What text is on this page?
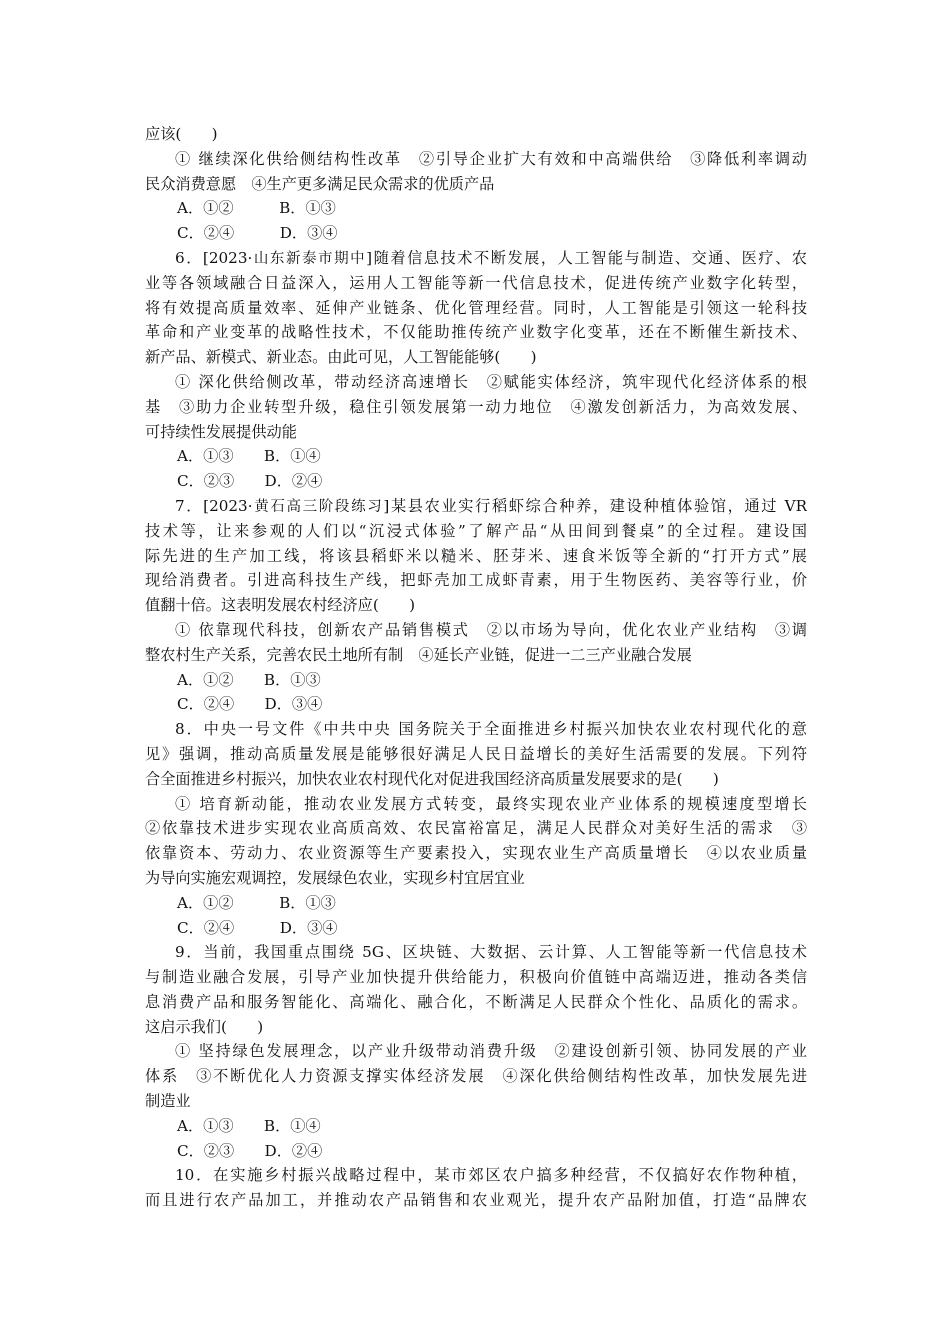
应该(　　)
① 继续深化供给侧结构性改革　②引导企业扩大有效和中高端供给　③降低利率调动
民众消费意愿　④生产更多满足民众需求的优质产品
A．①②　　　B．①③
C．②④　　　D．③④
6．[2023·山东新泰市期中]随着信息技术不断发展，人工智能与制造、交通、医疗、农
业等各领域融合日益深入，运用人工智能等新一代信息技术，促进传统产业数字化转型，
将有效提高质量效率、延伸产业链条、优化管理经营。同时，人工智能是引领这一轮科技
革命和产业变革的战略性技术，不仅能助推传统产业数字化变革，还在不断催生新技术、
新产品、新模式、新业态。由此可见，人工智能能够(　　)
① 深化供给侧改革，带动经济高速增长　②赋能实体经济，筑牢现代化经济体系的根
基　③助力企业转型升级，稳住引领发展第一动力地位　④激发创新活力，为高效发展、
可持续性发展提供动能
A．①③　　B．①④
C．②③　　D．②④
7．[2023·黄石高三阶段练习]某县农业实行稻虾综合种养，建设种植体验馆，通过 VR
技术等，让来参观的人们以“沉浸式体验”了解产品“从田间到餐桌”的全过程。建设国
际先进的生产加工线，将该县稻虾米以糙米、胚芽米、速食米饭等全新的“打开方式”展
现给消费者。引进高科技生产线，把虾壳加工成虾青素，用于生物医药、美容等行业，价
值翻十倍。这表明发展农村经济应(　　)
① 依靠现代科技，创新农产品销售模式　②以市场为导向，优化农业产业结构　③调
整农村生产关系，完善农民土地所有制　④延长产业链，促进一二三产业融合发展
A．①②　　B．①③
C．②④　　D．③④
8．中央一号文件《中共中央 国务院关于全面推进乡村振兴加快农业农村现代化的意
见》强调，推动高质量发展是能够很好满足人民日益增长的美好生活需要的发展。下列符
合全面推进乡村振兴，加快农业农村现代化对促进我国经济高质量发展要求的是(　　)
① 培育新动能，推动农业发展方式转变，最终实现农业产业体系的规模速度型增长
②依靠技术进步实现农业高质高效、农民富裕富足，满足人民群众对美好生活的需求　③
依靠资本、劳动力、农业资源等生产要素投入，实现农业生产高质量增长　④以农业质量
为导向实施宏观调控，发展绿色农业，实现乡村宜居宜业
A．①②　　　B．①③
C．②④　　　D．③④
9．当前，我国重点围绕 5G、区块链、大数据、云计算、人工智能等新一代信息技术
与制造业融合发展，引导产业加快提升供给能力，积极向价值链中高端迈进，推动各类信
息消费产品和服务智能化、高端化、融合化，不断满足人民群众个性化、品质化的需求。
这启示我们(　　)
① 坚持绿色发展理念，以产业升级带动消费升级　②建设创新引领、协同发展的产业
体系　③不断优化人力资源支撑实体经济发展　④深化供给侧结构性改革，加快发展先进
制造业
A．①③　　B．①④
C．②③　　D．②④
10．在实施乡村振兴战略过程中，某市郊区农户搞多种经营，不仅搞好农作物种植，
而且进行农产品加工，并推动农产品销售和农业观光，提升农产品附加值，打造“品牌农
